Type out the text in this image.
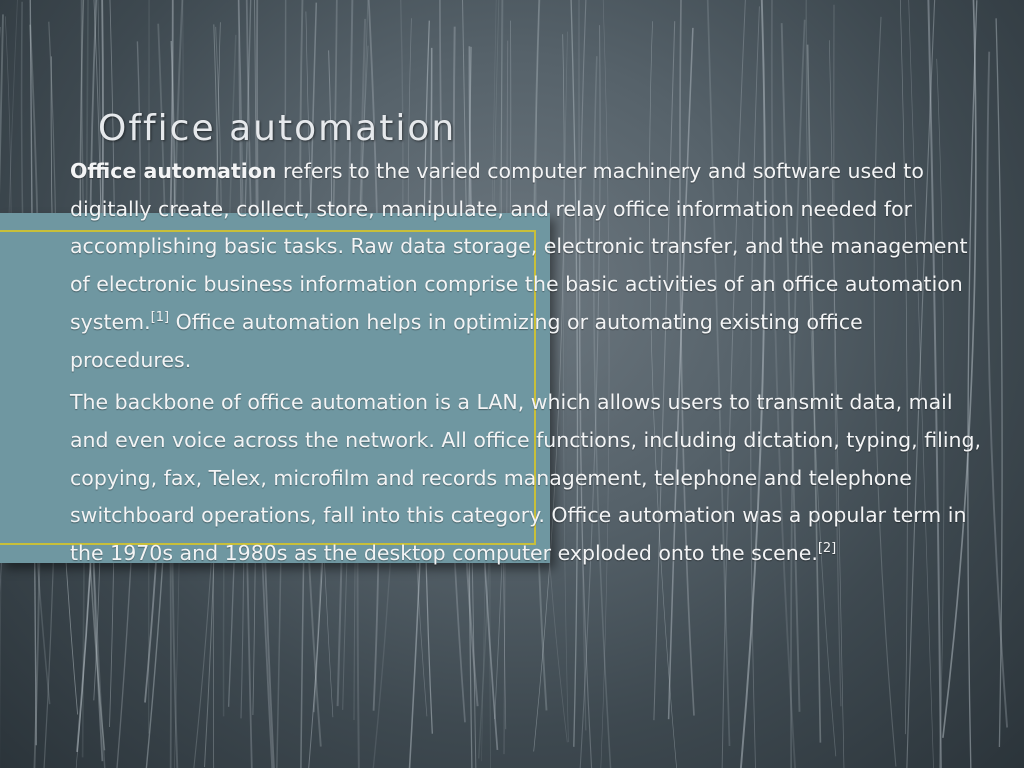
Office automation

Office automation refers to the varied computer machinery and software used to digitally create, collect, store, manipulate, and relay office information needed for accomplishing basic tasks. Raw data storage, electronic transfer, and the management of electronic business information comprise the basic activities of an office automation system.[1] Office automation helps in optimizing or automating existing office procedures.

The backbone of office automation is a LAN, which allows users to transmit data, mail and even voice across the network. All office functions, including dictation, typing, filing, copying, fax, Telex, microfilm and records management, telephone and telephone switchboard operations, fall into this category. Office automation was a popular term in the 1970s and 1980s as the desktop computer exploded onto the scene.[2]
